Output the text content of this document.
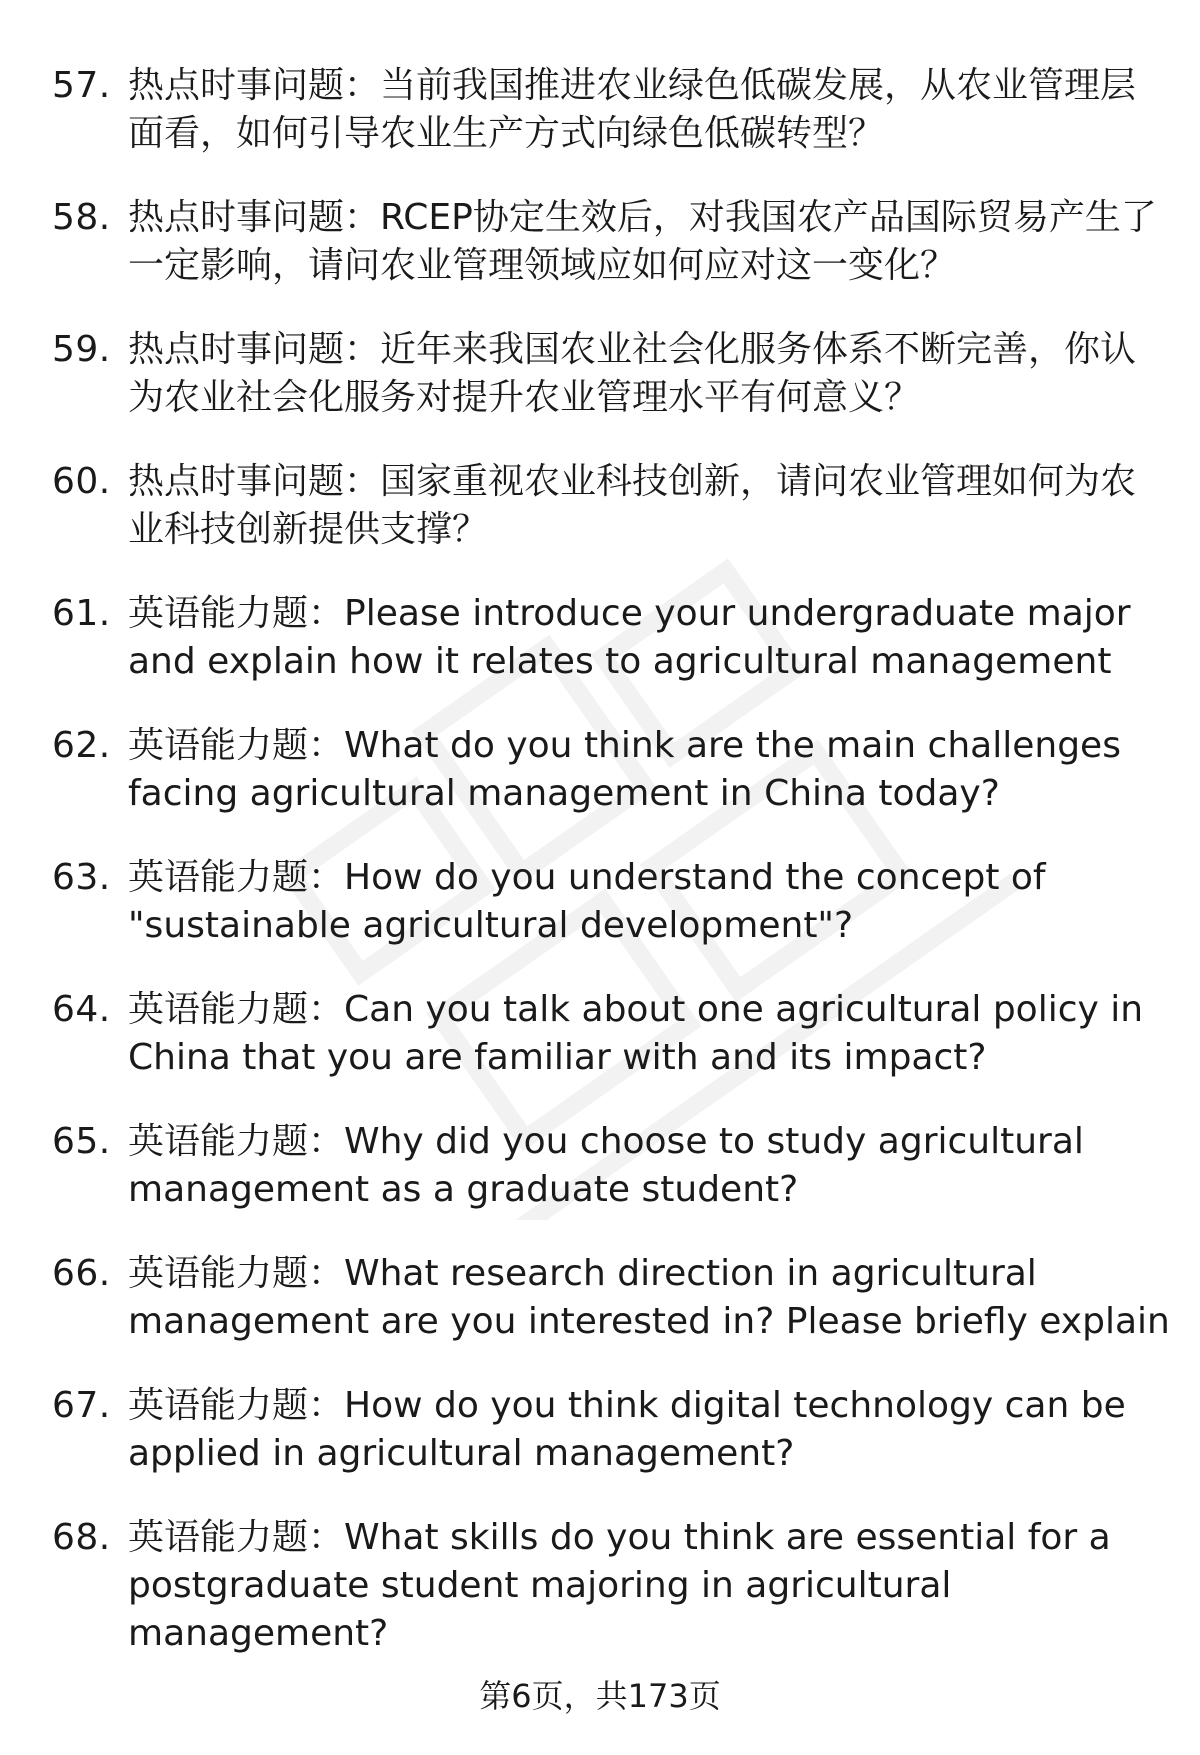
57. 热点时事问题：当前我国推进农业绿色低碳发展，从农业管理层
面看，如何引导农业生产方式向绿色低碳转型？
58. 热点时事问题：RCEP协定生效后，对我国农产品国际贸易产生了
一定影响，请问农业管理领域应如何应对这一变化？
59. 热点时事问题：近年来我国农业社会化服务体系不断完善，你认
为农业社会化服务对提升农业管理水平有何意义？
60. 热点时事问题：国家重视农业科技创新，请问农业管理如何为农
业科技创新提供支撑？
61. 英语能力题：Please introduce your undergraduate major
and explain how it relates to agricultural management
62. 英语能力题：What do you think are the main challenges
facing agricultural management in China today?
63. 英语能力题：How do you understand the concept of
"sustainable agricultural development"?
64. 英语能力题：Can you talk about one agricultural policy in
China that you are familiar with and its impact?
65. 英语能力题：Why did you choose to study agricultural
management as a graduate student?
66. 英语能力题：What research direction in agricultural
management are you interested in? Please briefly explain
67. 英语能力题：How do you think digital technology can be
applied in agricultural management?
68. 英语能力题：What skills do you think are essential for a
postgraduate student majoring in agricultural
management?
第6页，共173页
